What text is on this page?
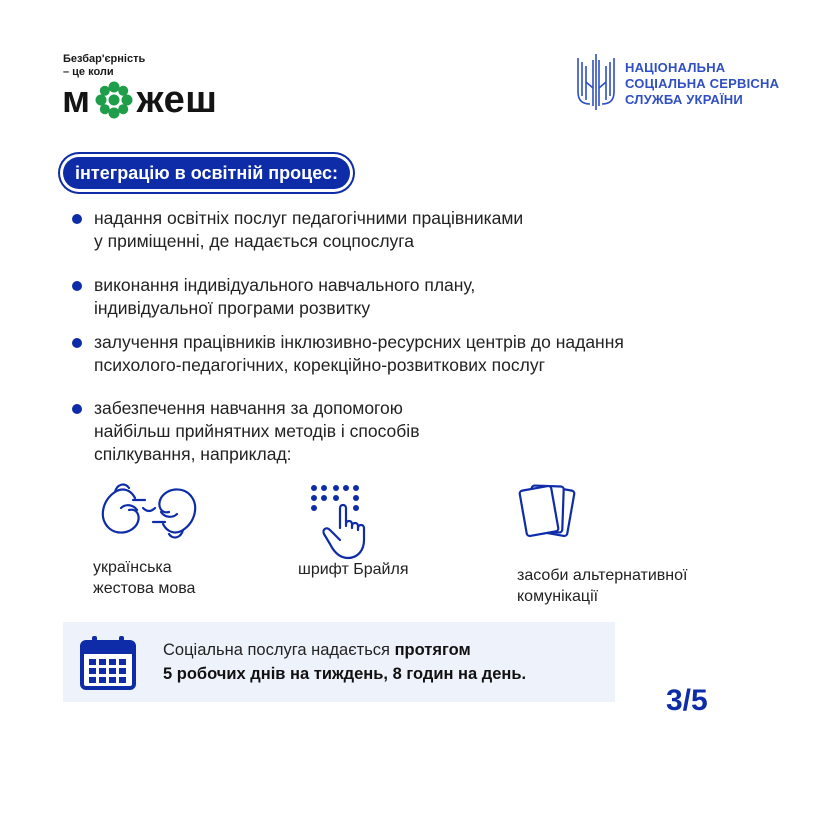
Безбар'єрність
– це коли
м жеш
НАЦІОНАЛЬНА
СОЦІАЛЬНА СЕРВІСНА
СЛУЖБА УКРАЇНИ
інтеграцію в освітній процес:
надання освітніх послуг педагогічними працівниками
у приміщенні, де надається соцпослуга
виконання індивідуального навчального плану,
індивідуальної програми розвитку
залучення працівників інклюзивно-ресурсних центрів до надання
психолого-педагогічних, корекційно-розвиткових послуг
забезпечення навчання за допомогою
найбільш прийнятних методів і способів
спілкування, наприклад:
українська
жестова мова
шрифт Брайля	засоби альтернативної
комунікації
Соціальна послуга надається протягом
5 робочих днів на тиждень, 8 годин на день.
3/5
